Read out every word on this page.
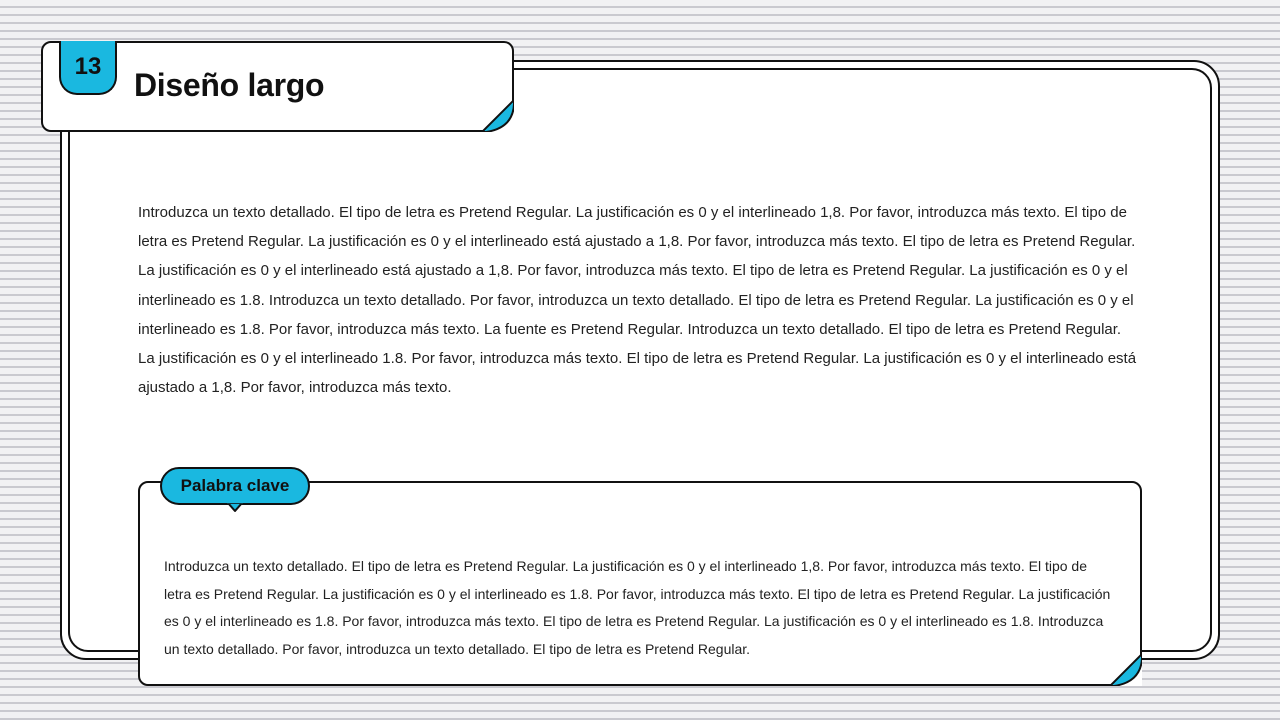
13
Diseño largo

Introduzca un texto detallado. El tipo de letra es Pretend Regular. La justificación es 0 y el interlineado 1,8. Por favor, introduzca más texto. El tipo de letra es Pretend Regular. La justificación es 0 y el interlineado está ajustado a 1,8. Por favor, introduzca más texto. El tipo de letra es Pretend Regular. La justificación es 0 y el interlineado está ajustado a 1,8. Por favor, introduzca más texto. El tipo de letra es Pretend Regular. La justificación es 0 y el interlineado es 1.8. Introduzca un texto detallado. Por favor, introduzca un texto detallado. El tipo de letra es Pretend Regular. La justificación es 0 y el interlineado es 1.8. Por favor, introduzca más texto. La fuente es Pretend Regular. Introduzca un texto detallado. El tipo de letra es Pretend Regular. La justificación es 0 y el interlineado 1.8. Por favor, introduzca más texto. El tipo de letra es Pretend Regular. La justificación es 0 y el interlineado está ajustado a 1,8. Por favor, introduzca más texto.

Introduzca un texto detallado. El tipo de letra es Pretend Regular. La justificación es 0 y el interlineado 1,8. Por favor, introduzca más texto. El tipo de letra es Pretend Regular. La justificación es 0 y el interlineado es 1.8. Por favor, introduzca más texto. El tipo de letra es Pretend Regular. La justificación es 0 y el interlineado es 1.8. Por favor, introduzca más texto. El tipo de letra es Pretend Regular. La justificación es 0 y el interlineado es 1.8. Introduzca un texto detallado. Por favor, introduzca un texto detallado. El tipo de letra es Pretend Regular.

Palabra clave
